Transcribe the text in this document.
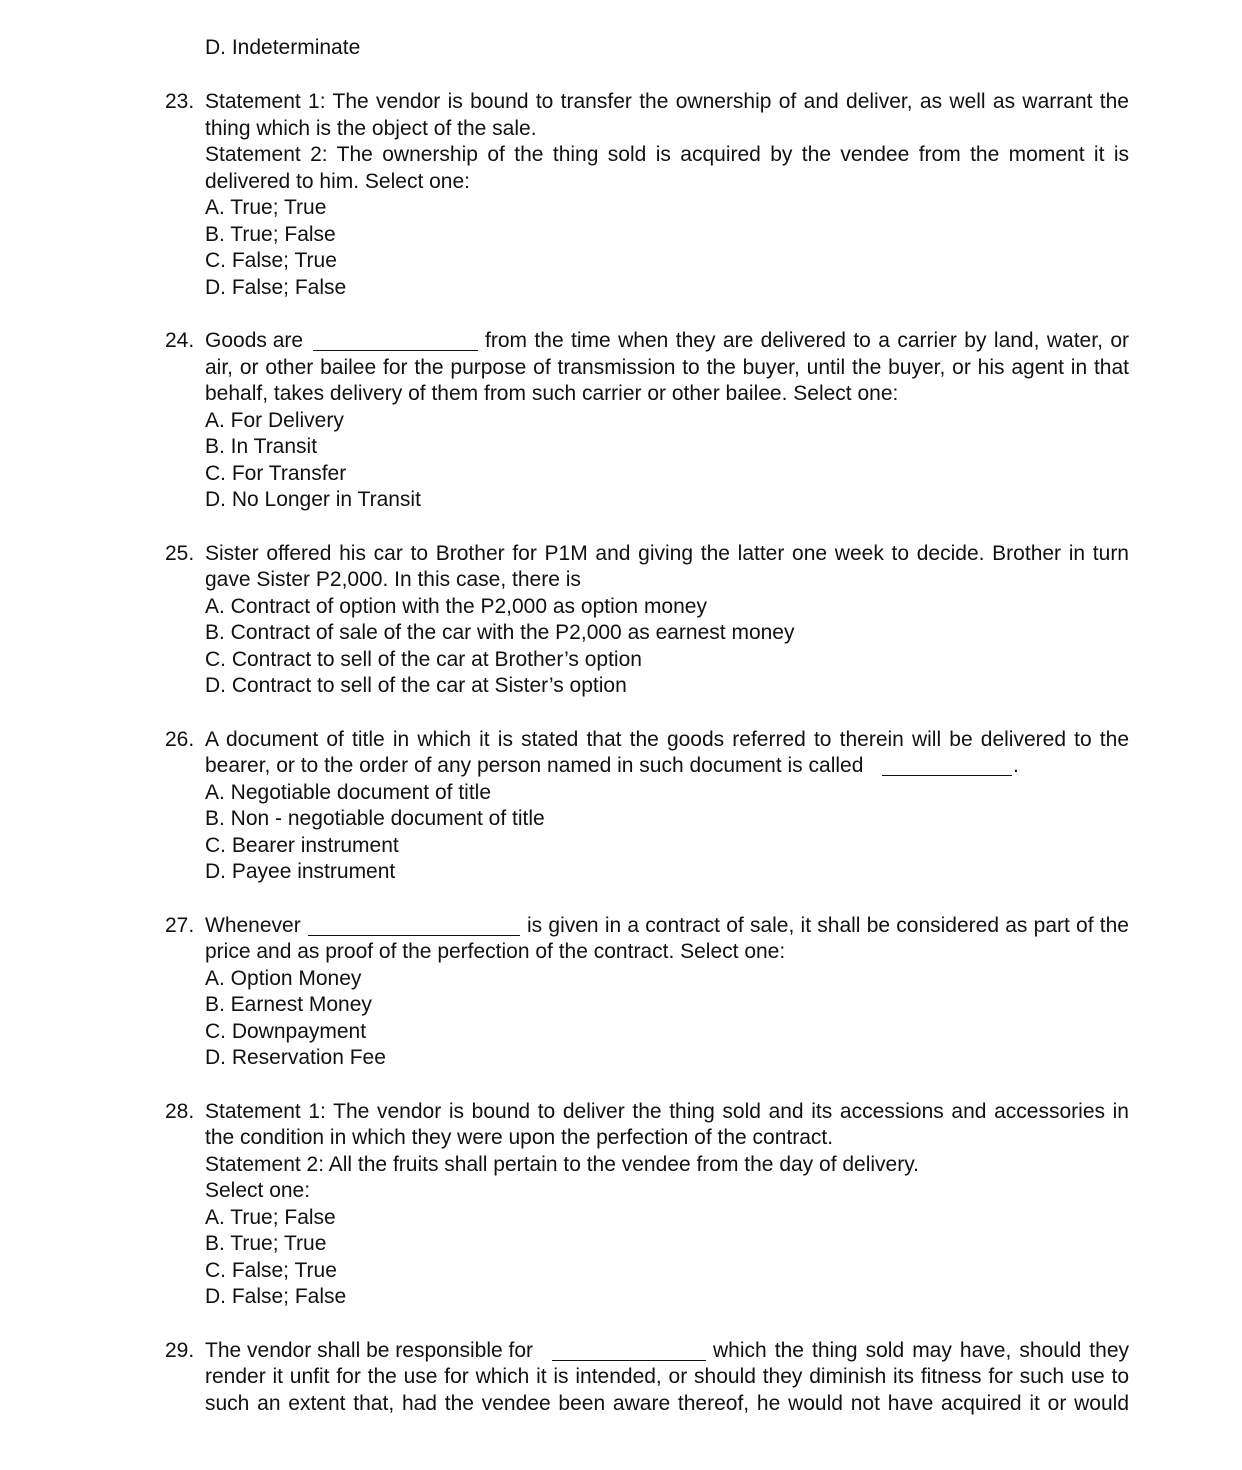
D. Indeterminate
23. Statement 1: The vendor is bound to transfer the ownership of and deliver, as well as warrant the
thing which is the object of the sale.
Statement 2: The ownership of the thing sold is acquired by the vendee from the moment it is
delivered to him. Select one:
A. True; True
B. True; False
C. False; True
D. False; False
24. Goods are	from the time when they are delivered to a carrier by land, water, or
air, or other bailee for the purpose of transmission to the buyer, until the buyer, or his agent in that
behalf, takes delivery of them from such carrier or other bailee. Select one:
A. For Delivery
B. In Transit
C. For Transfer
D. No Longer in Transit
25. Sister offered his car to Brother for P1M and giving the latter one week to decide. Brother in turn
gave Sister P2,000. In this case, there is
A. Contract of option with the P2,000 as option money
B. Contract of sale of the car with the P2,000 as earnest money
C. Contract to sell of the car at Brother’s option
D. Contract to sell of the car at Sister’s option
26. A document of title in which it is stated that the goods referred to therein will be delivered to the
bearer, or to the order of any person named in such document is called	.
A. Negotiable document of title
B. Non - negotiable document of title
C. Bearer instrument
D. Payee instrument
27. Whenever	is given in a contract of sale, it shall be considered as part of the
price and as proof of the perfection of the contract. Select one:
A. Option Money
B. Earnest Money
C. Downpayment
D. Reservation Fee
28. Statement 1: The vendor is bound to deliver the thing sold and its accessions and accessories in
the condition in which they were upon the perfection of the contract.
Statement 2: All the fruits shall pertain to the vendee from the day of delivery.
Select one:
A. True; False
B. True; True
C. False; True
D. False; False
29. The vendor shall be responsible for	which the thing sold may have, should they
render it unfit for the use for which it is intended, or should they diminish its fitness for such use to
such an extent that, had the vendee been aware thereof, he would not have acquired it or would
